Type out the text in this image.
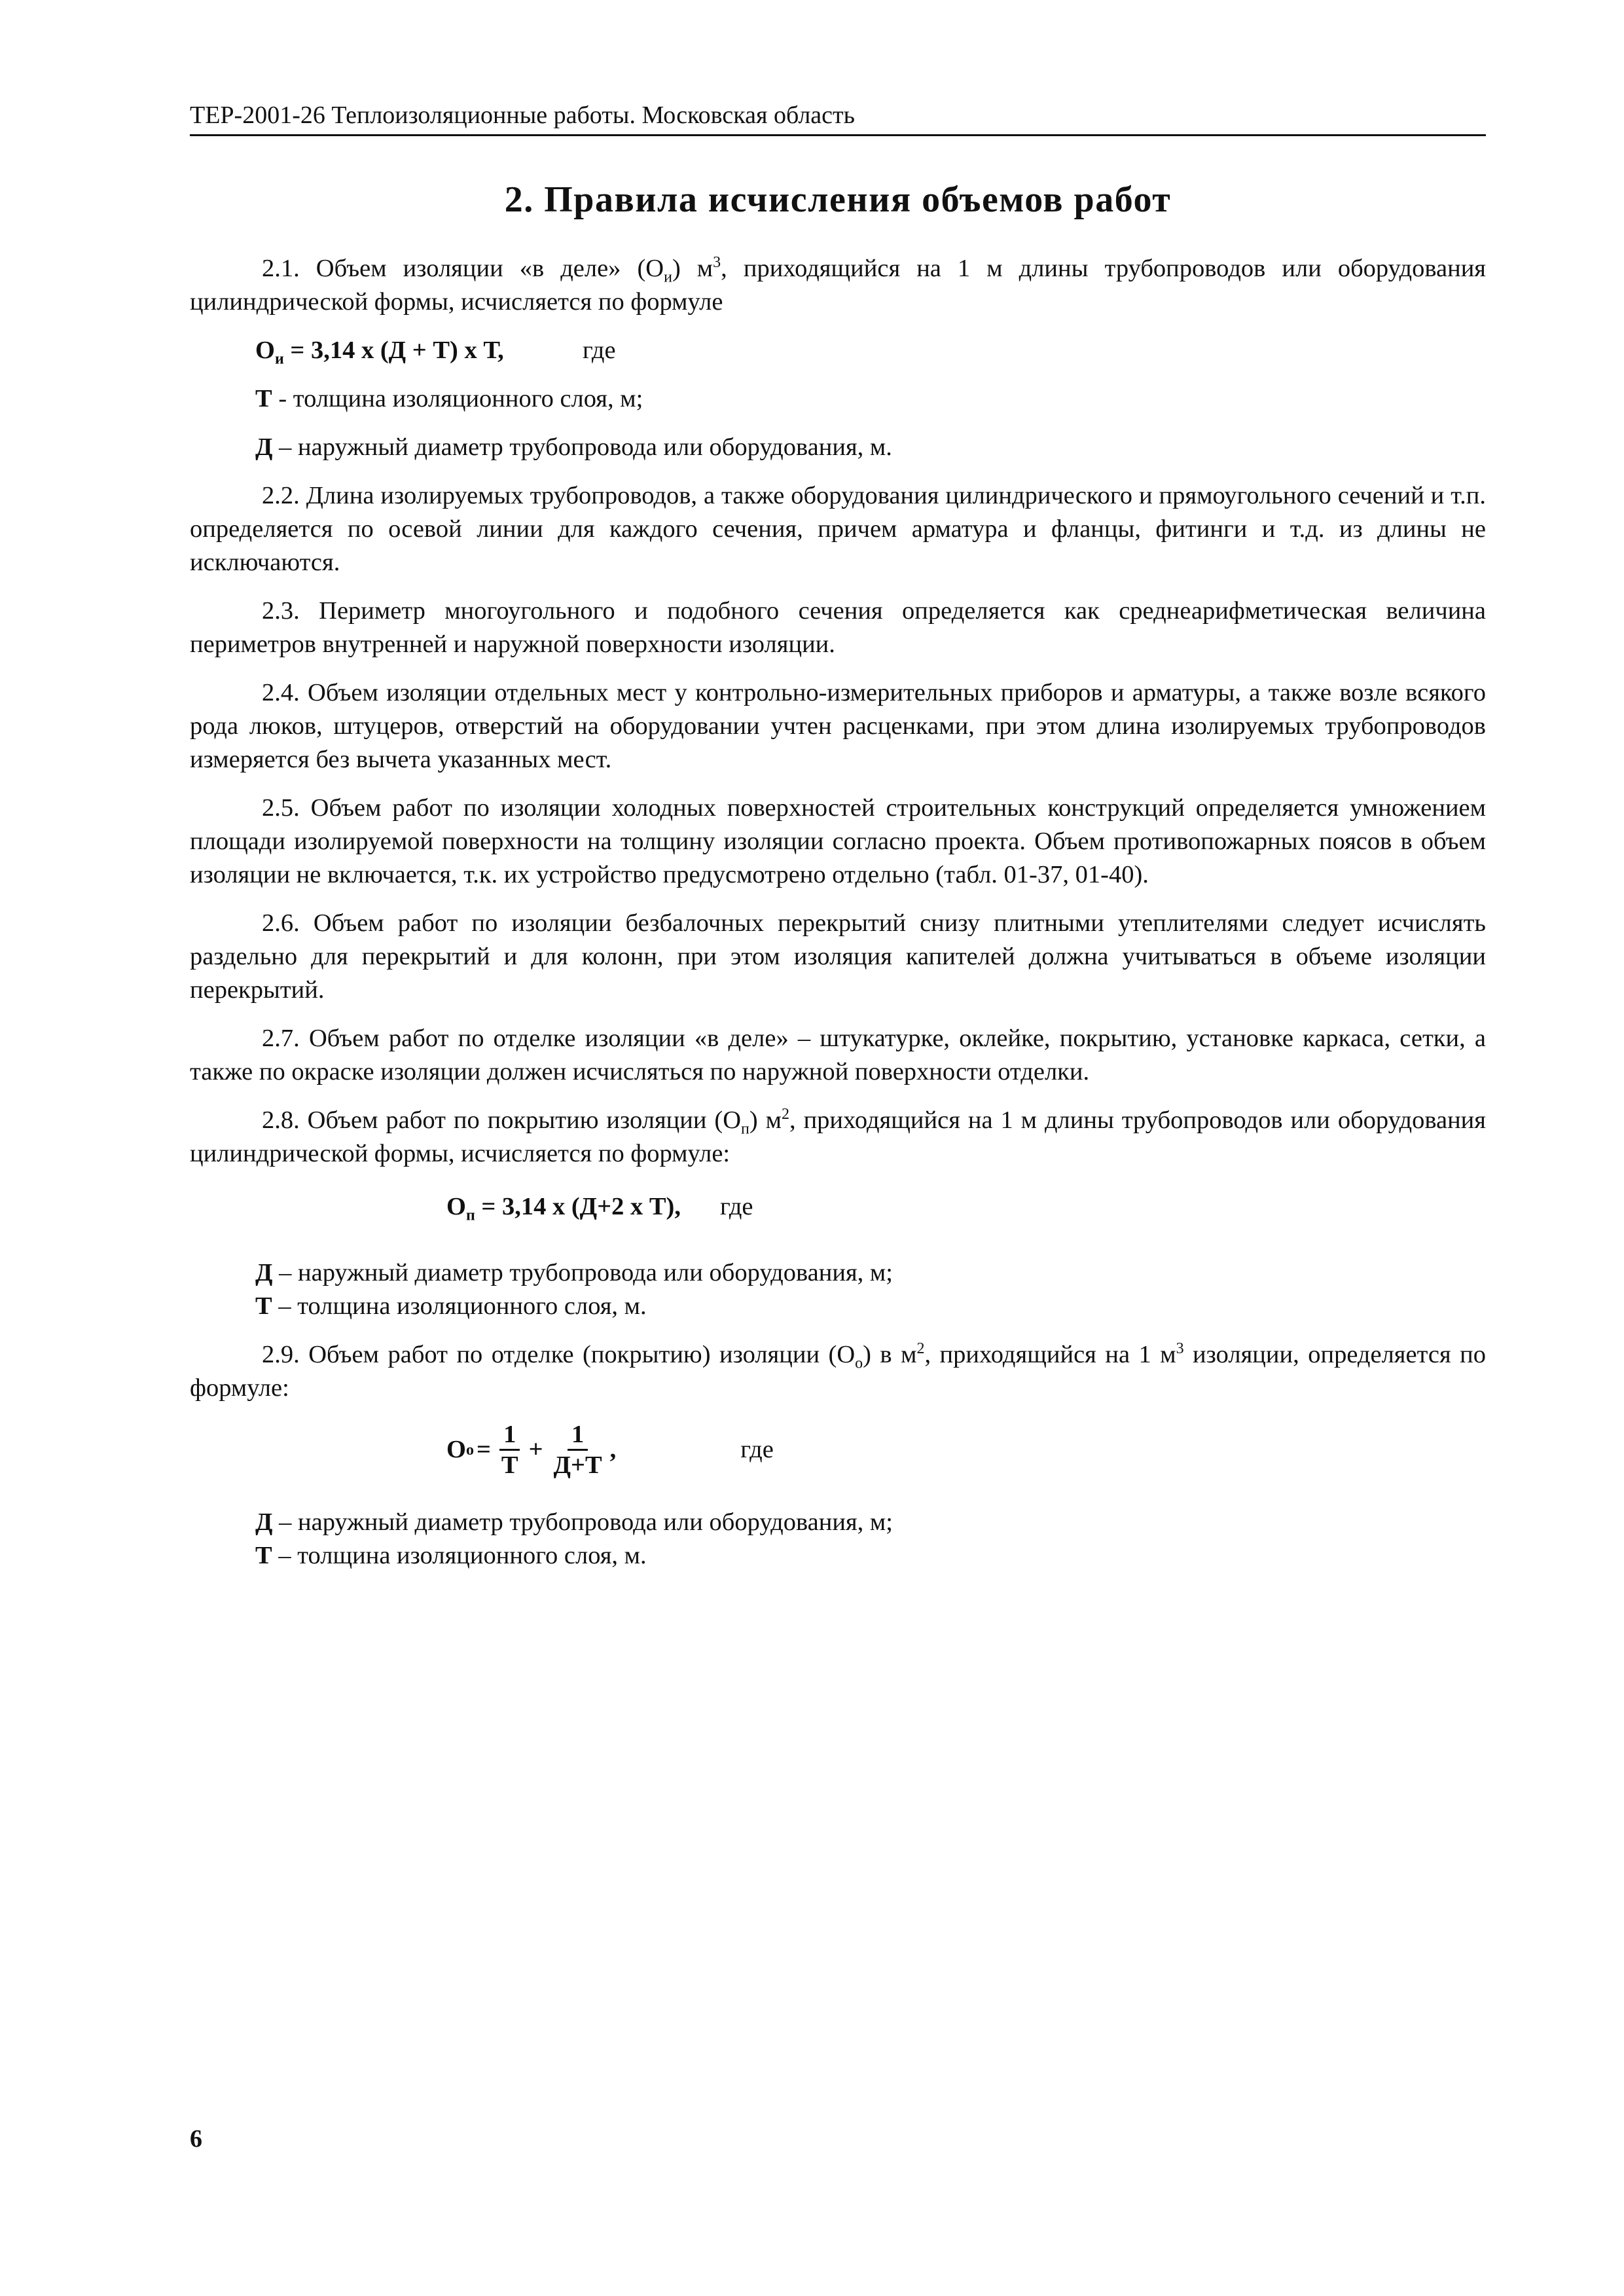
ТЕР-2001-26 Теплоизоляционные работы. Московская область
2. Правила исчисления объемов работ

2.1. Объем изоляции «в деле» $(О_и)$ $м^3$, приходящийся на 1 м длины трубопроводов или оборудования цилиндрической формы, исчисляется по формуле

$О_и = 3,14$ х (Д + Т) х Т,	где
Т - толщина изоляционного слоя, м;
Д – наружный диаметр трубопровода или оборудования, м.

2.2. Длина изолируемых трубопроводов, а также оборудования цилиндрического и прямоугольного сечений и т.п. определяется по осевой линии для каждого сечения, причем арматура и фланцы, фитинги и т.д. из длины не исключаются.

2.3. Периметр многоугольного и подобного сечения определяется как среднеарифметическая величина периметров внутренней и наружной поверхности изоляции.

2.4. Объем изоляции отдельных мест у контрольно-измерительных приборов и арматуры, а также возле всякого рода люков, штуцеров, отверстий на оборудовании учтен расценками, при этом длина изолируемых трубопроводов измеряется без вычета указанных мест.

2.5. Объем работ по изоляции холодных поверхностей строительных конструкций определяется умножением площади изолируемой поверхности на толщину изоляции согласно проекта. Объем противопожарных поясов в объем изоляции не включается, т.к. их устройство предусмотрено отдельно (табл. 01-37, 01-40).

2.6. Объем работ по изоляции безбалочных перекрытий снизу плитными утеплителями следует исчислять раздельно для перекрытий и для колонн, при этом изоляция капителей должна учитываться в объеме изоляции перекрытий.

2.7. Объем работ по отделке изоляции «в деле» – штукатурке, оклейке, покрытию, установке каркаса, сетки, а также по окраске изоляции должен исчисляться по наружной поверхности отделки.

2.8. Объем работ по покрытию изоляции $(О_п)$ $м^2$, приходящийся на 1 м длины трубопроводов или оборудования цилиндрической формы, исчисляется по формуле:

$О_п = 3,14$ х (Д+2 х Т), где
Д – наружный диаметр трубопровода или оборудования, м;
Т – толщина изоляционного слоя, м.

2.9. Объем работ по отделке (покрытию) изоляции $(О_о)$ в $м^2$, приходящийся на 1 $м^3$ изоляции, определяется по формуле:

О $о = \frac{1}{Т} + \frac{1}{Д+Т}$ ,	где
Д – наружный диаметр трубопровода или оборудования, м;
Т – толщина изоляционного слоя, м.
6
